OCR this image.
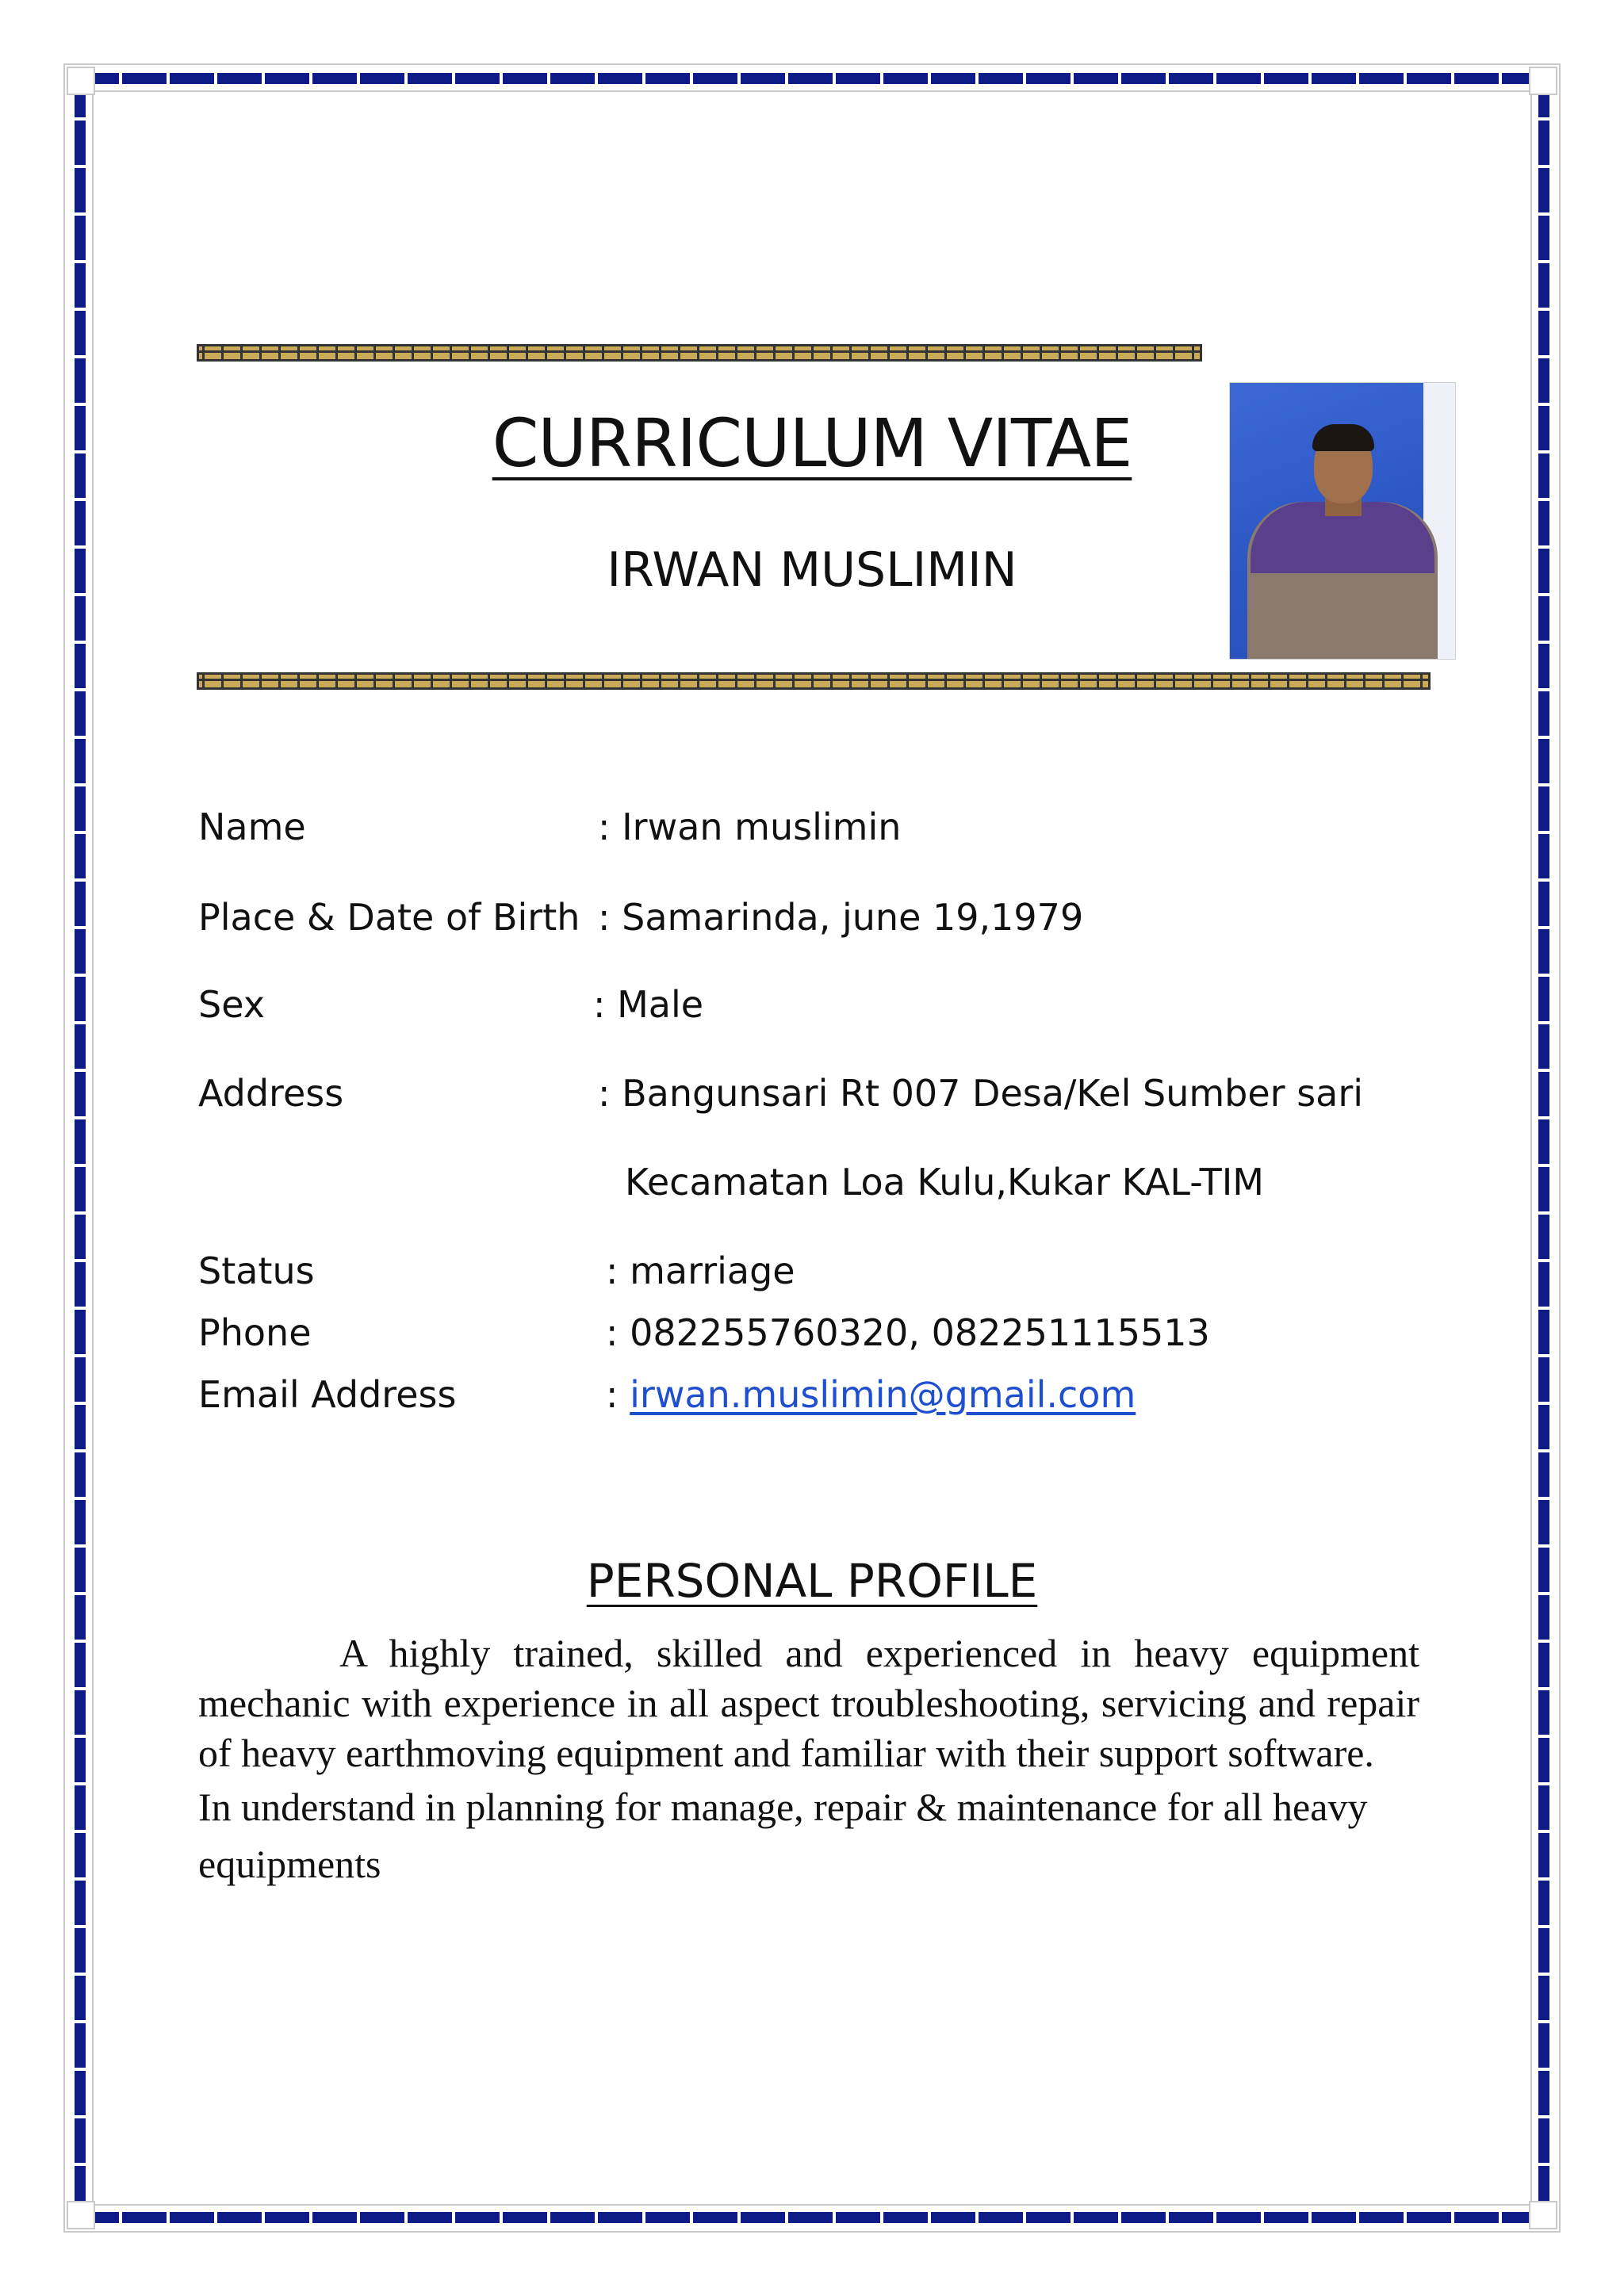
CURRICULUM VITAE
IRWAN MUSLIMIN
Name	: Irwan muslimin
Place & Date of Birth : Samarinda, june 19,1979
Sex	: Male
Address	: Bangunsari Rt 007 Desa/Kel Sumber sari
Kecamatan Loa Kulu,Kukar KAL-TIM
Status	: marriage
Phone	: 082255760320, 082251115513
Email Address	: irwan.muslimin@gmail.com
PERSONAL PROFILE

A highly trained, skilled and experienced in heavy equipment mechanic with experience in all aspect troubleshooting, servicing and repair of heavy earthmoving equipment and familiar with their support software.

In understand in planning for manage, repair & maintenance for all heavy equipments
